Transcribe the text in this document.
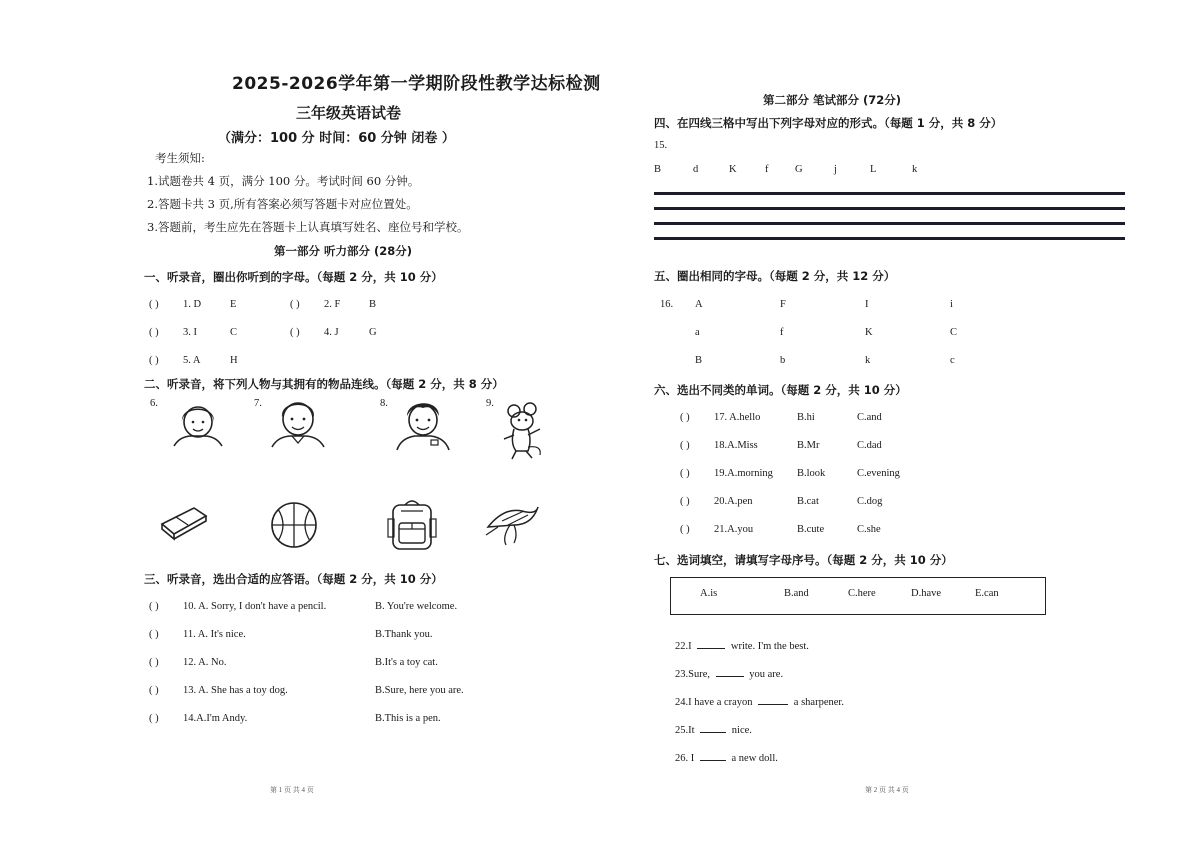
2025-2026学年第一学期阶段性教学达标检测
三年级英语试卷
（满分：100 分 时间：60 分钟 闭卷 ）
考生须知:
1.试题卷共 4 页，满分 100 分。考试时间 60 分钟。
2.答题卡共 3 页,所有答案必须写答题卡对应位置处。
3.答题前，考生应先在答题卡上认真填写姓名、座位号和学校。
第一部分 听力部分 (28分)
一、听录音，圈出你听到的字母。（每题 2 分，共 10 分）
( ) 1. D	E	( ) 2. F	B
( ) 3. I	C	( ) 4. J	G
( ) 5. A	H
二、听录音，将下列人物与其拥有的物品连线。（每题 2 分，共 8 分）
6.	7.	8.	9.
三、听录音，选出合适的应答语。（每题 2 分，共 10 分）
( ) 10. A. Sorry, I don't have a pencil.	B. You're welcome.
( ) 11. A. It's nice.	B.Thank you.
( ) 12. A. No.	B.It's a toy cat.
( ) 13. A. She has a toy dog.	B.Sure, here you are.
( ) 14.A.I'm Andy.	B.This is a pen.
第 1 页 共 4 页
第二部分 笔试部分 (72分)
四、在四线三格中写出下列字母对应的形式。（每题 1 分，共 8 分）
15.
B	d	K	f	G	j	L	k
五、圈出相同的字母。（每题 2 分，共 12 分）
16. A	F	I	i
a	f	K	C
B	b	k	c
六、选出不同类的单词。（每题 2 分，共 10 分）
( ) 17. A.hello	B.hi	C.and
( ) 18.A.Miss	B.Mr	C.dad
( ) 19.A.morning B.look	C.evening
( ) 20.A.pen	B.cat	C.dog
( ) 21.A.you	B.cute	C.she
七、选词填空，请填写字母序号。（每题 2 分，共 10 分）
A.is	B.and	C.here	D.have	E.can
22.I	write. I'm the best.
23.Sure,	you are.
24.I have a crayon	a sharpener.
25.It	nice.
26. I	a new doll.
第 2 页 共 4 页
